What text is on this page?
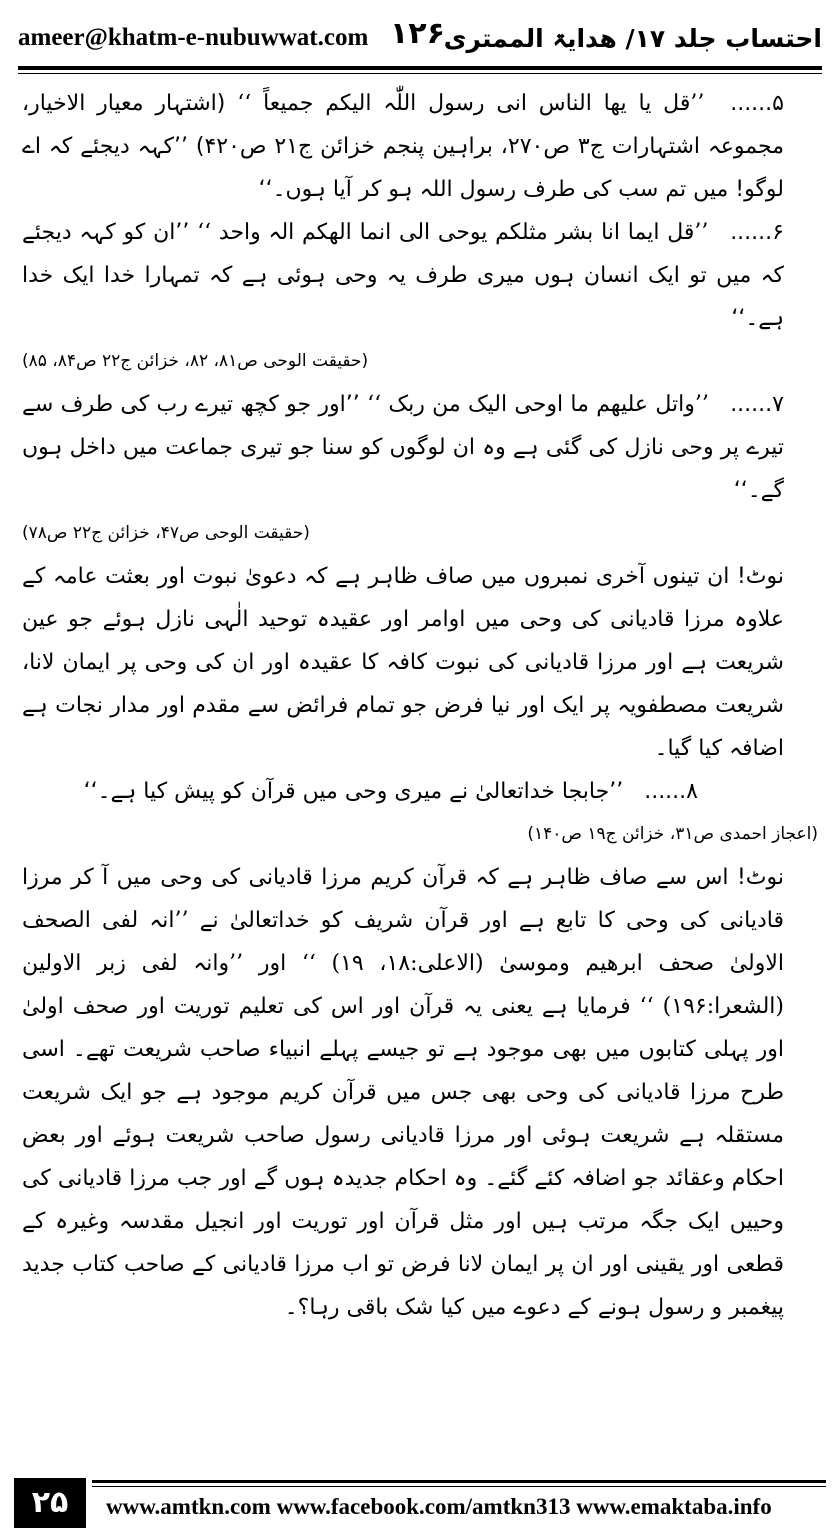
ameer@khatm-e-nubuwwat.com ۱۲۶
احتساب جلد ۱۷/ ھدایۃ الممتری

۵...... ’’قل یا یھا الناس انی رسول اللّٰہ الیکم جمیعاً ‘‘ (اشتہار معیار الاخیار، مجموعہ اشتہارات ج۳ ص۲۷۰، براہین پنجم خزائن ج۲۱ ص۴۲۰) ’’کہہ دیجئے کہ اے لوگو! میں تم سب کی طرف رسول اللہ ہو کر آیا ہوں۔‘‘

۶...... ’’قل ایما انا بشر مثلکم یوحی الی انما الھکم الہ واحد ‘‘ ’’ان کو کہہ دیجئے کہ میں تو ایک انسان ہوں میری طرف یہ وحی ہوئی ہے کہ تمہارا خدا ایک خدا ہے۔‘‘

(حقیقت الوحی ص۸۱، ۸۲، خزائن ج۲۲ ص۸۴، ۸۵)

۷...... ’’واتل علیھم ما اوحی الیک من ربک ‘‘ ’’اور جو کچھ تیرے رب کی طرف سے تیرے پر وحی نازل کی گئی ہے وہ ان لوگوں کو سنا جو تیری جماعت میں داخل ہوں گے۔‘‘

(حقیقت الوحی ص۴۷، خزائن ج۲۲ ص۷۸)

نوٹ! ان تینوں آخری نمبروں میں صاف ظاہر ہے کہ دعویٰ نبوت اور بعثت عامہ کے علاوہ مرزا قادیانی کی وحی میں اوامر اور عقیدہ توحید الٰہی نازل ہوئے جو عین شریعت ہے اور مرزا قادیانی کی نبوت کافہ کا عقیدہ اور ان کی وحی پر ایمان لانا، شریعت مصطفویہ پر ایک اور نیا فرض جو تمام فرائض سے مقدم اور مدار نجات ہے اضافہ کیا گیا۔

۸...... ’’جابجا خداتعالیٰ نے میری وحی میں قرآن کو پیش کیا ہے۔‘‘

(اعجاز احمدی ص۳۱، خزائن ج۱۹ ص۱۴۰)

نوٹ! اس سے صاف ظاہر ہے کہ قرآن کریم مرزا قادیانی کی وحی میں آ کر مرزا قادیانی کی وحی کا تابع ہے اور قرآن شریف کو خداتعالیٰ نے ’’انہ لفی الصحف الاولیٰ صحف ابرھیم وموسیٰ (الاعلی:۱۸، ۱۹) ‘‘ اور ’’وانہ لفی زبر الاولین (الشعرا:۱۹۶) ‘‘ فرمایا ہے یعنی یہ قرآن اور اس کی تعلیم توریت اور صحف اولیٰ اور پہلی کتابوں میں بھی موجود ہے تو جیسے پہلے انبیاء صاحب شریعت تھے۔ اسی طرح مرزا قادیانی کی وحی بھی جس میں قرآن کریم موجود ہے جو ایک شریعت مستقلہ ہے شریعت ہوئی اور مرزا قادیانی رسول صاحب شریعت ہوئے اور بعض احکام وعقائد جو اضافہ کئے گئے۔ وہ احکام جدیدہ ہوں گے اور جب مرزا قادیانی کی وحییں ایک جگہ مرتب ہیں اور مثل قرآن اور توریت اور انجیل مقدسہ وغیرہ کے قطعی اور یقینی اور ان پر ایمان لانا فرض تو اب مرزا قادیانی کے صاحب کتاب جدید پیغمبر و رسول ہونے کے دعوے میں کیا شک باقی رہا؟۔

۲۵	www.amtkn.com www.facebook.com/amtkn313 www.emaktaba.info
